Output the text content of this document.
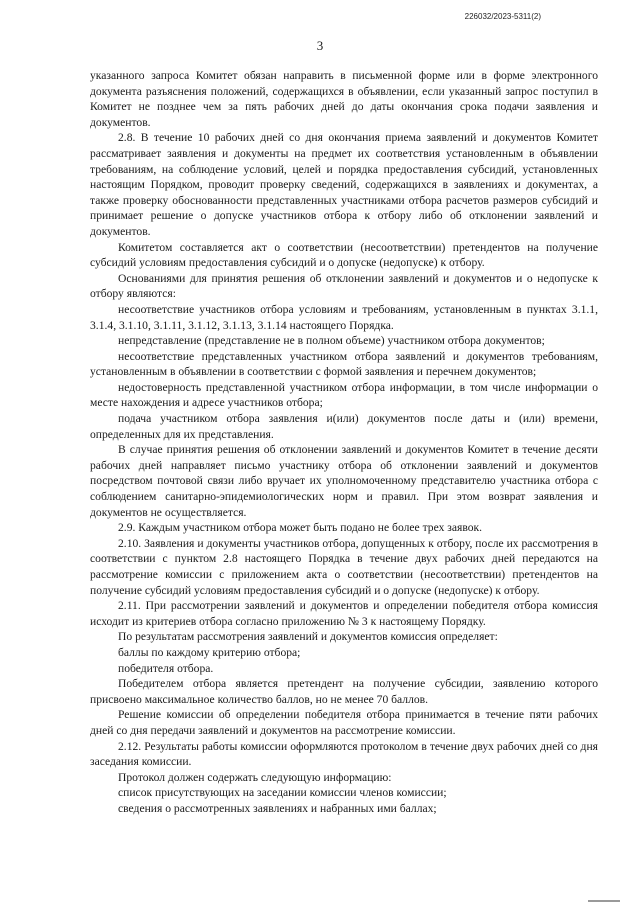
226032/2023-5311(2)
3

указанного запроса Комитет обязан направить в письменной форме или в форме электронного документа разъяснения положений, содержащихся в объявлении, если указанный запрос поступил в Комитет не позднее чем за пять рабочих дней до даты окончания срока подачи заявления и документов.

2.8. В течение 10 рабочих дней со дня окончания приема заявлений и документов Комитет рассматривает заявления и документы на предмет их соответствия установленным в объявлении требованиям, на соблюдение условий, целей и порядка предоставления субсидий, установленных настоящим Порядком, проводит проверку сведений, содержащихся в заявлениях и документах, а также проверку обоснованности представленных участниками отбора расчетов размеров субсидий и принимает решение о допуске участников отбора к отбору либо об отклонении заявлений и документов.

Комитетом составляется акт о соответствии (несоответствии) претендентов на получение субсидий условиям предоставления субсидий и о допуске (недопуске) к отбору.

Основаниями для принятия решения об отклонении заявлений и документов и о недопуске к отбору являются:

несоответствие участников отбора условиям и требованиям, установленным в пунктах 3.1.1, 3.1.4, 3.1.10, 3.1.11, 3.1.12, 3.1.13, 3.1.14 настоящего Порядка.

непредставление (представление не в полном объеме) участником отбора документов;

несоответствие представленных участником отбора заявлений и документов требованиям, установленным в объявлении в соответствии с формой заявления и перечнем документов;

недостоверность представленной участником отбора информации, в том числе информации о месте нахождения и адресе участников отбора;

подача участником отбора заявления и(или) документов после даты и (или) времени, определенных для их представления.

В случае принятия решения об отклонении заявлений и документов Комитет в течение десяти рабочих дней направляет письмо участнику отбора об отклонении заявлений и документов посредством почтовой связи либо вручает их уполномоченному представителю участника отбора с соблюдением санитарно-эпидемиологических норм и правил. При этом возврат заявления и документов не осуществляется.

2.9. Каждым участником отбора может быть подано не более трех заявок.

2.10. Заявления и документы участников отбора, допущенных к отбору, после их рассмотрения в соответствии с пунктом 2.8 настоящего Порядка в течение двух рабочих дней передаются на рассмотрение комиссии с приложением акта о соответствии (несоответствии) претендентов на получение субсидий условиям предоставления субсидий и о допуске (недопуске) к отбору.

2.11. При рассмотрении заявлений и документов и определении победителя отбора комиссия исходит из критериев отбора согласно приложению № 3 к настоящему Порядку.

По результатам рассмотрения заявлений и документов комиссия определяет:

баллы по каждому критерию отбора;

победителя отбора.

Победителем отбора является претендент на получение субсидии, заявлению которого присвоено максимальное количество баллов, но не менее 70 баллов.

Решение комиссии об определении победителя отбора принимается в течение пяти рабочих дней со дня передачи заявлений и документов на рассмотрение комиссии.

2.12. Результаты работы комиссии оформляются протоколом в течение двух рабочих дней со дня заседания комиссии.

Протокол должен содержать следующую информацию:

список присутствующих на заседании комиссии членов комиссии;

сведения о рассмотренных заявлениях и набранных ими баллах;
